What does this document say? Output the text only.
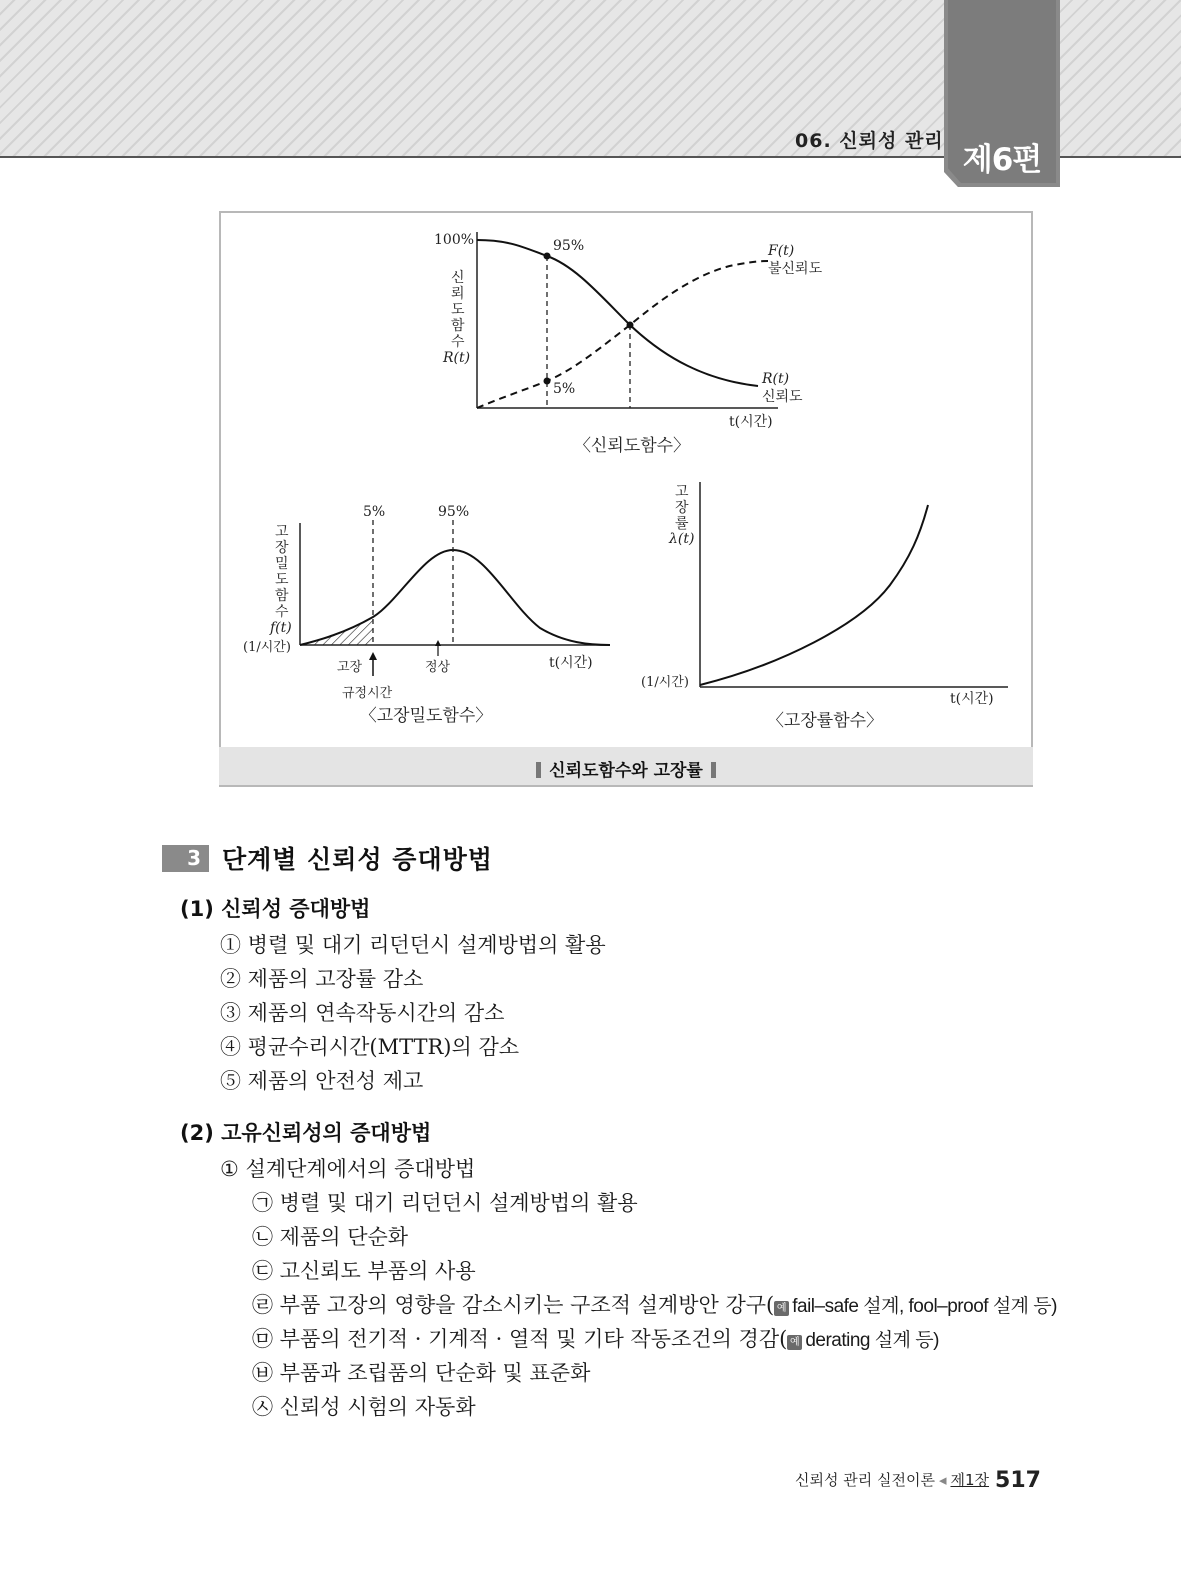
06. 신뢰성 관리
제6편
100%
신
뢰
도
함
수
R(t)
95%
5%
F(t)
불신뢰도
R(t)
신뢰도
t(시간)
〈신뢰도함수〉
고
장
밀
도
함
수
f(t)
(1/시간)
5%	95%
고장	정상
규정시간
t(시간)
〈고장밀도함수〉
고
장
률
λ(t)
(1/시간)
t(시간)
〈고장률함수〉
신뢰도함수와 고장률
3 단계별 신뢰성 증대방법
(1) 신뢰성 증대방법
① 병렬 및 대기 리던던시 설계방법의 활용
② 제품의 고장률 감소
③ 제품의 연속작동시간의 감소
④ 평균수리시간(MTTR)의 감소
⑤ 제품의 안전성 제고
(2) 고유신뢰성의 증대방법
① 설계단계에서의 증대방법
㉠ 병렬 및 대기 리던던시 설계방법의 활용
㉡ 제품의 단순화
㉢ 고신뢰도 부품의 사용
㉣ 부품 고장의 영향을 감소시키는 구조적 설계방안 강구( 예 fail–safe 설계, fool–proof 설계 등)
㉤ 부품의 전기적 · 기계적 · 열적 및 기타 작동조건의 경감( 예 derating 설계 등)
㉥ 부품과 조립품의 단순화 및 표준화
㉦ 신뢰성 시험의 자동화
신뢰성 관리 실전이론 ◂ 제1장 517
